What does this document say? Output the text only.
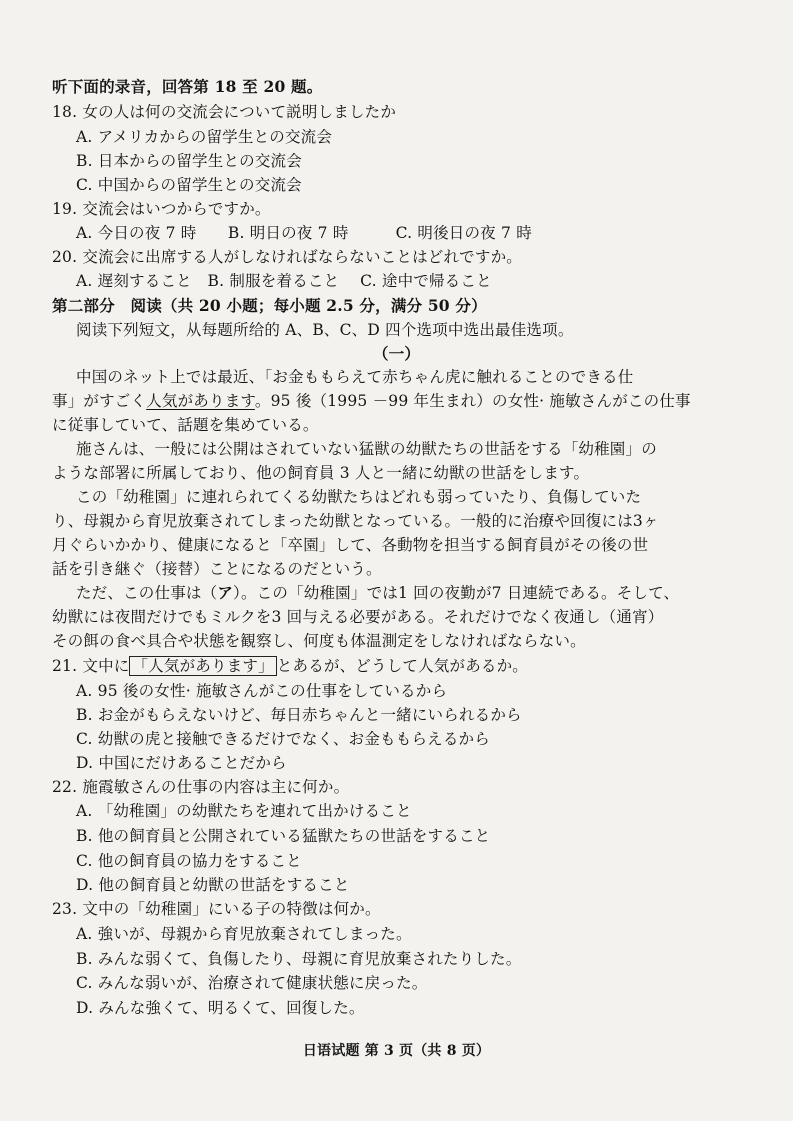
听下面的录音，回答第 18 至 20 题。
18. 女の人は何の交流会について説明しましたか
A. アメリカからの留学生との交流会
B. 日本からの留学生との交流会
C. 中国からの留学生との交流会
19. 交流会はいつからですか。
A. 今日の夜 7 時　　B. 明日の夜 7 時　　　C. 明後日の夜 7 時
20. 交流会に出席する人がしなければならないことはどれですか。
A. 遅刻すること　B. 制服を着ること　 C. 途中で帰ること
第二部分　阅读（共 20 小题；每小题 2.5 分，满分 50 分）
阅读下列短文，从每题所给的 A、B、C、D 四个选项中选出最佳选项。
（一）
中国のネット上では最近、「お金ももらえて赤ちゃん虎に触れることのできる仕
事」がすごく人気があります。95 後（1995 －99 年生まれ）の女性· 施敏さんがこの仕事
に従事していて、話題を集めている。
施さんは、一般には公開はされていない猛獣の幼獣たちの世話をする「幼稚園」の
ような部署に所属しており、他の飼育員 3 人と一緒に幼獣の世話をします。
この「幼稚園」に連れられてくる幼獣たちはどれも弱っていたり、負傷していた
り、母親から育児放棄されてしまった幼獣となっている。一般的に治療や回復には3ヶ
月ぐらいかかり、健康になると「卒園」して、各動物を担当する飼育員がその後の世
話を引き継ぐ（接替）ことになるのだという。
ただ、この仕事は（ア）。この「幼稚園」では1 回の夜勤が7 日連続である。そして、
幼獣には夜間だけでもミルクを3 回与える必要がある。それだけでなく夜通し（通宵）
その餌の食べ具合や状態を観察し、何度も体温測定をしなければならない。
21. 文中に 「人気があります」 とあるが、どうして人気があるか。
A. 95 後の女性· 施敏さんがこの仕事をしているから
B. お金がもらえないけど、毎日赤ちゃんと一緒にいられるから
C. 幼獣の虎と接触できるだけでなく、お金ももらえるから
D. 中国にだけあることだから
22. 施霞敏さんの仕事の内容は主に何か。
A. 「幼稚園」の幼獣たちを連れて出かけること
B. 他の飼育員と公開されている猛獣たちの世話をすること
C. 他の飼育員の協力をすること
D. 他の飼育員と幼獣の世話をすること
23. 文中の「幼稚園」にいる子の特徴は何か。
A. 強いが、母親から育児放棄されてしまった。
B. みんな弱くて、負傷したり、母親に育児放棄されたりした。
C. みんな弱いが、治療されて健康状態に戻った。
D. みんな強くて、明るくて、回復した。
日语试题 第 3 页（共 8 页）
